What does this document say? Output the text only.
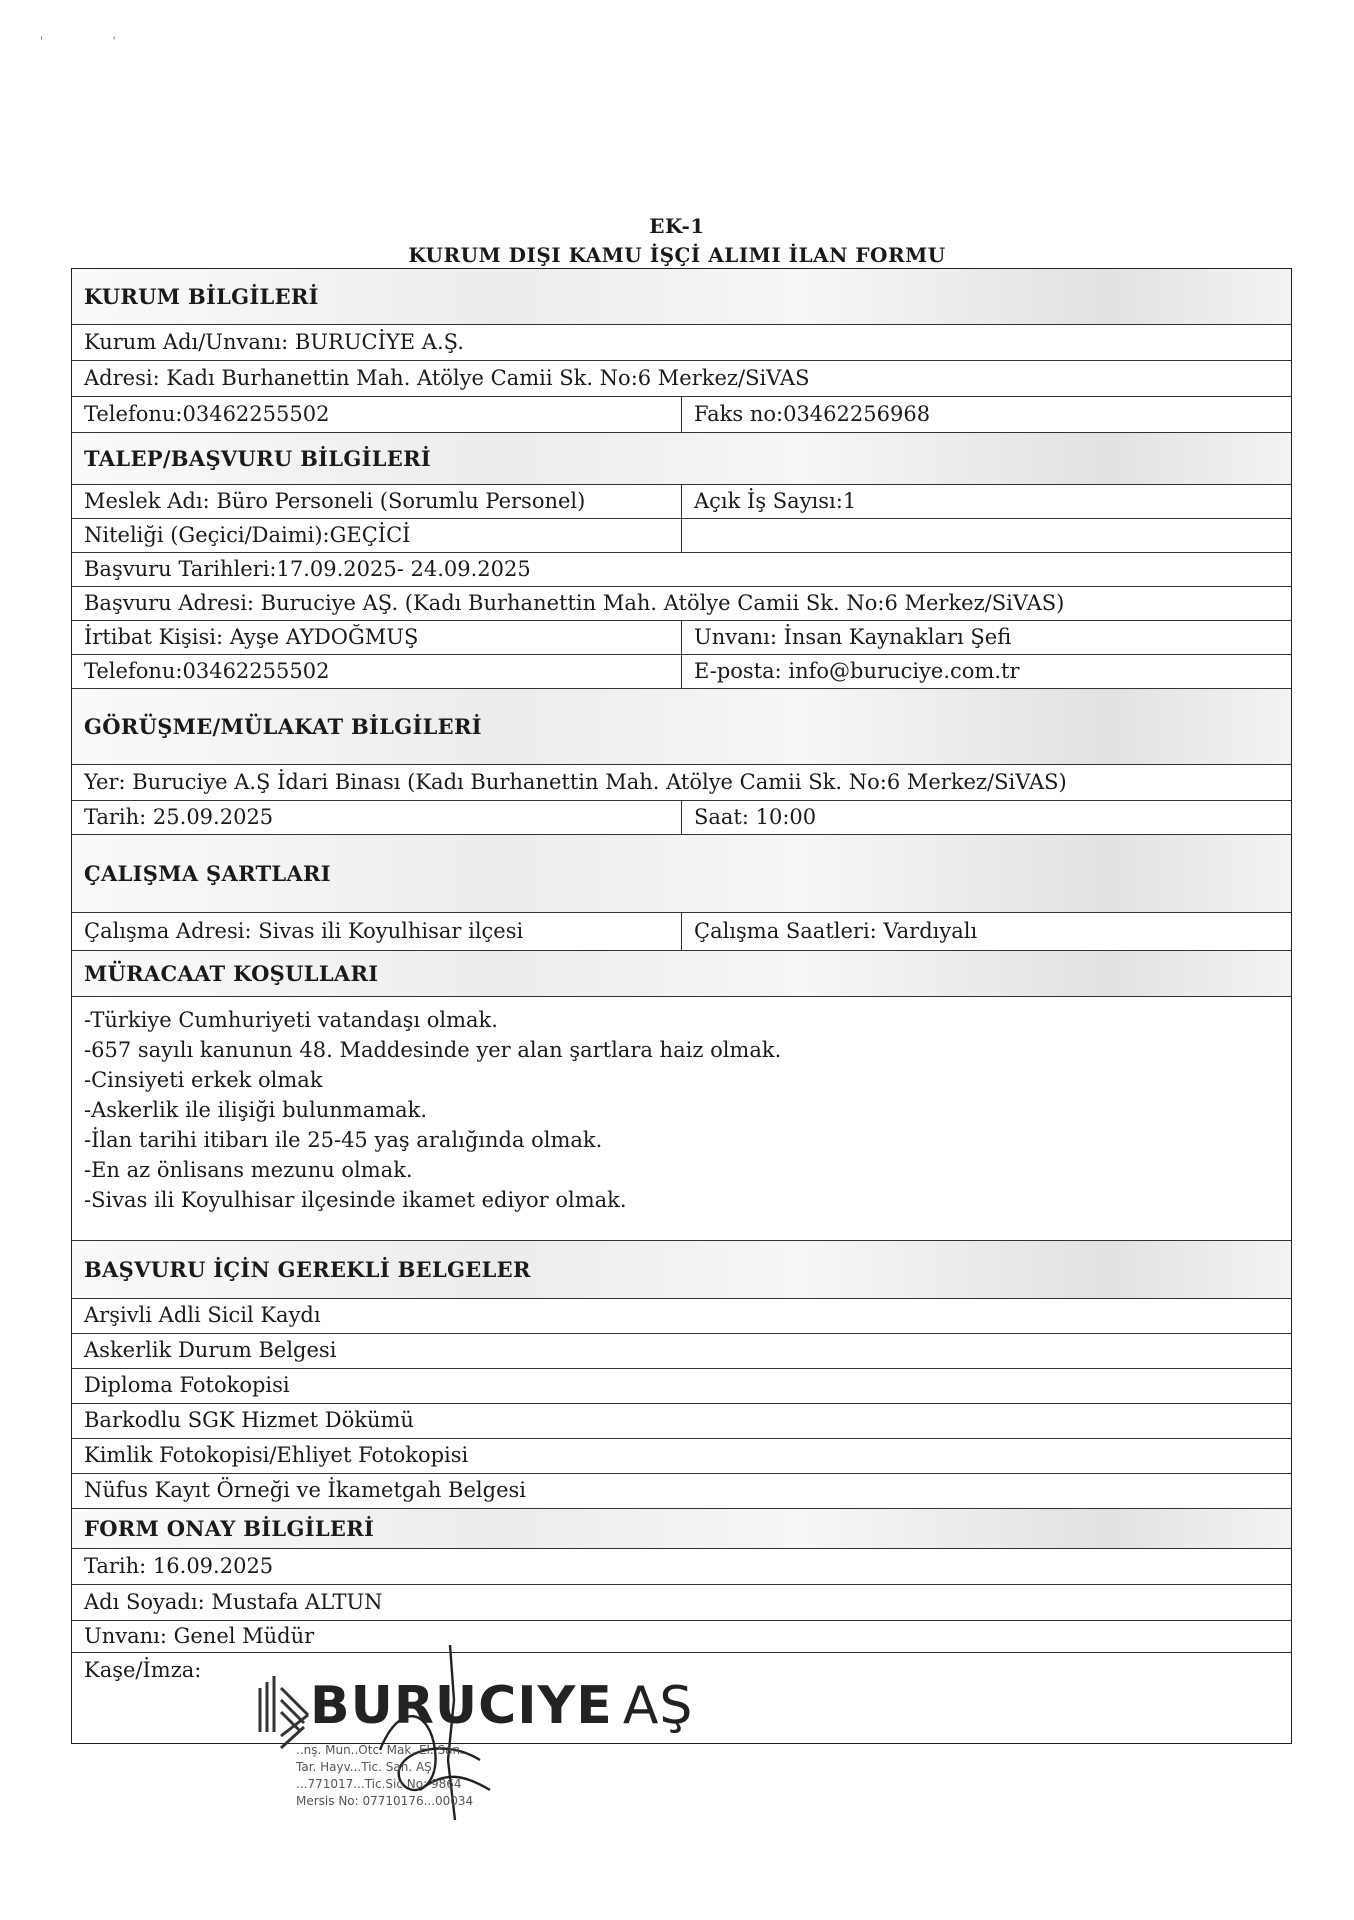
'	'
EK-1
KURUM DIŞI KAMU İŞÇİ ALIMI İLAN FORMU
KURUM BİLGİLERİ
Kurum Adı/Unvanı: BURUCİYE A.Ş.
Adresi: Kadı Burhanettin Mah. Atölye Camii Sk. No:6 Merkez/SiVAS
Telefonu:03462255502	Faks no:03462256968
TALEP/BAŞVURU BİLGİLERİ
Meslek Adı: Büro Personeli (Sorumlu Personel)	Açık İş Sayısı:1
Niteliği (Geçici/Daimi):GEÇİCİ
Başvuru Tarihleri:17.09.2025- 24.09.2025
Başvuru Adresi: Buruciye AŞ. (Kadı Burhanettin Mah. Atölye Camii Sk. No:6 Merkez/SiVAS)
İrtibat Kişisi: Ayşe AYDOĞMUŞ	Unvanı: İnsan Kaynakları Şefi
Telefonu:03462255502	E-posta: info@buruciye.com.tr
GÖRÜŞME/MÜLAKAT BİLGİLERİ
Yer: Buruciye A.Ş İdari Binası (Kadı Burhanettin Mah. Atölye Camii Sk. No:6 Merkez/SiVAS)
Tarih: 25.09.2025	Saat: 10:00
ÇALIŞMA ŞARTLARI
Çalışma Adresi: Sivas ili Koyulhisar ilçesi	Çalışma Saatleri: Vardıyalı
MÜRACAAT KOŞULLARI
-Türkiye Cumhuriyeti vatandaşı olmak.
-657 sayılı kanunun 48. Maddesinde yer alan şartlara haiz olmak.
-Cinsiyeti erkek olmak
-Askerlik ile ilişiği bulunmamak.
-İlan tarihi itibarı ile 25-45 yaş aralığında olmak.
-En az önlisans mezunu olmak.
-Sivas ili Koyulhisar ilçesinde ikamet ediyor olmak.
BAŞVURU İÇİN GEREKLİ BELGELER
Arşivli Adli Sicil Kaydı
Askerlik Durum Belgesi
Diploma Fotokopisi
Barkodlu SGK Hizmet Dökümü
Kimlik Fotokopisi/Ehliyet Fotokopisi
Nüfus Kayıt Örneği ve İkametgah Belgesi
FORM ONAY BİLGİLERİ
Tarih: 16.09.2025
Adı Soyadı: Mustafa ALTUN
Unvanı: Genel Müdür
Kaşe/İmza:
BURUCIYE AŞ
..nş. Mun..Otc. Mak. El. San.
Tar. Hayv...Tic. San. AŞ.
...771017...Tic.Sic.No: 9864
Mersis No: 07710176...00034
